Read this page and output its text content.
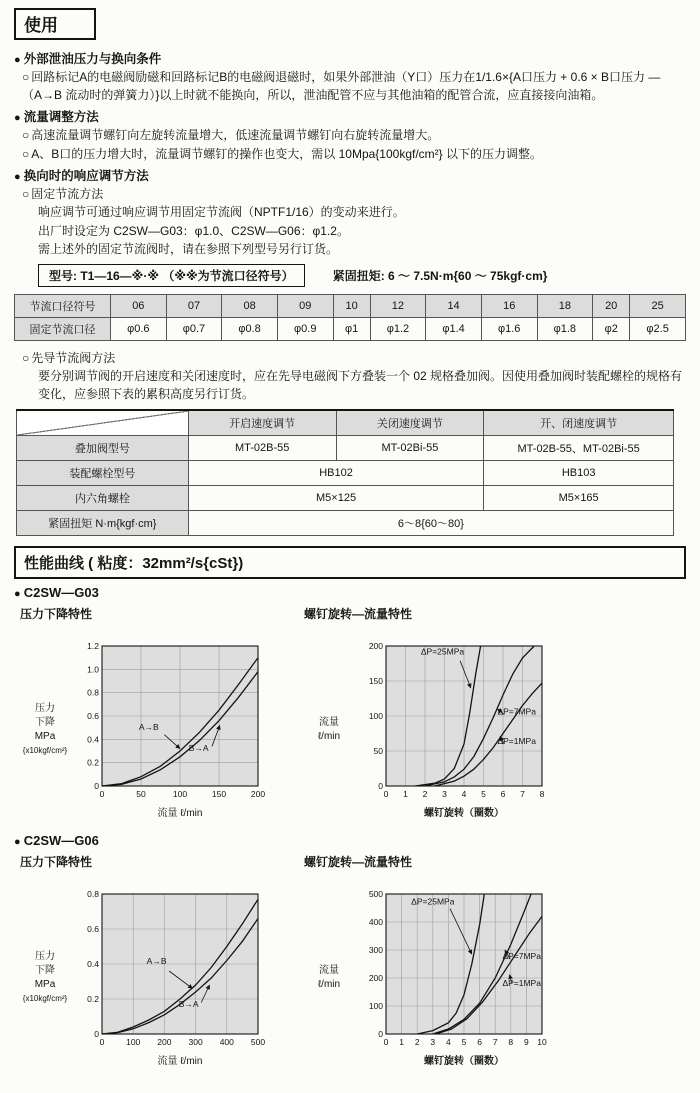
使用
● 外部泄油压力与换向条件

○ 回路标记A的电磁阀励磁和回路标记B的电磁阀退磁时，如果外部泄油（Y口）压力在1/1.6×{A口压力 + 0.6 × B口压力 —（A→B 流动时的弹簧力）}以上时就不能换向，所以，泄油配管不应与其他油箱的配管合流，应直接接向油箱。

● 流量调整方法

○ 高速流量调节螺钉向左旋转流量增大，低速流量调节螺钉向右旋转流量增大。

○ A、B口的压力增大时，流量调节螺钉的操作也变大，需以 10Mpa{100kgf/cm²} 以下的压力调整。

● 换向时的响应调节方法

○ 固定节流方法

响应调节可通过响应调节用固定节流阀（NPTF1/16）的变动来进行。

出厂时设定为 C2SW—G03：φ1.0、C2SW—G06：φ1.2。

需上述外的固定节流阀时，请在参照下列型号另行订货。

型号: T1—16—※·※ （※※为节流口径符号）	紧固扭矩: 6 ～ 7.5N·m{60 ～ 75kgf·cm}
节流口径符号	06	07	08	09	10	12	14	16	18	20	25
固定节流口径	φ0.6	φ0.7	φ0.8	φ0.9	φ1	φ1.2	φ1.4	φ1.6	φ1.8	φ2	φ2.5

○ 先导节流阀方法

要分别调节阀的开启速度和关闭速度时，应在先导电磁阀下方叠装一个 02 规格叠加阀。因使用叠加阀时装配螺栓的规格有变化，应参照下表的累积高度另行订货。

	开启速度调节	关闭速度调节	开、闭速度调节
叠加阀型号	MT-02B-55	MT-02Bi-55	MT-02B-55、MT-02Bi-55
装配螺栓型号	HB102		HB103
内六角螺栓	M5×125		M5×165
紧固扭矩 N·m{kgf·cm}	6～8{60～80}		
性能曲线 ( 粘度：32mm²/s{cSt})
● C2SW—G03
压力下降特性
压力
下降
MPa
{x10kgf/cm²}
0	50	100	150	200
0
0.2
0.4
0.6
0.8
1.0
1.2
A→B
B→A
流量 ℓ/min
螺钉旋转—流量特性
流量
ℓ/min
0 1 2 3 4 5 6 7 8
0
50
100
150
200
ΔP=25MPa
ΔP=7MPa
ΔP=1MPa
螺钉旋转（圈数）
● C2SW—G06
压力下降特性
压力
下降
MPa
{x10kgf/cm²}
0	100 200 300 400 500
0
0.2
0.4
0.6
0.8
A→B
B→A
流量 ℓ/min
螺钉旋转—流量特性
流量
ℓ/min
0 1 2 3 4 5 6 7 8 9 10
0
100
200
300
400
500
ΔP=25MPa
ΔP=7MPa
ΔP=1MPa
螺钉旋转（圈数）
